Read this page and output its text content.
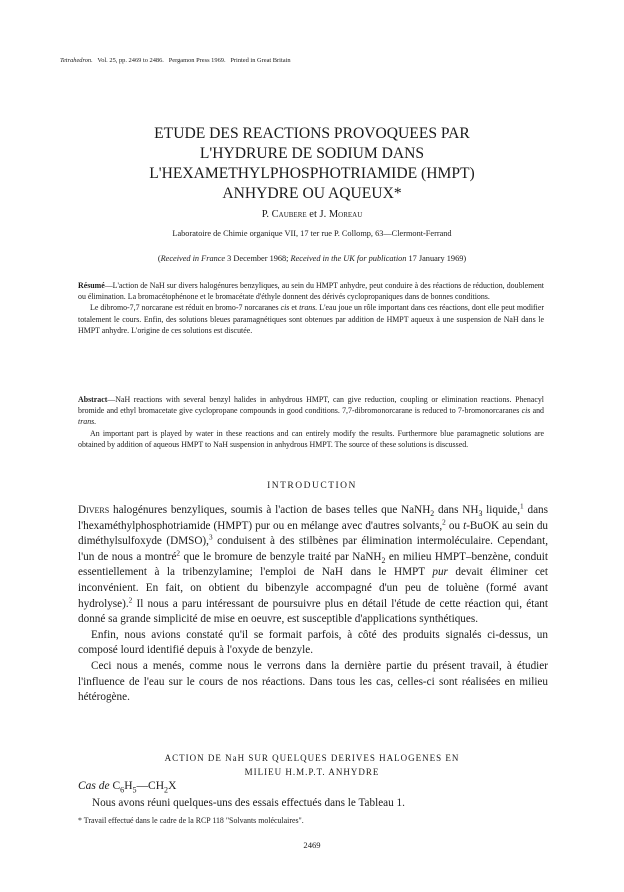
Tetrahedron. Vol. 25, pp. 2469 to 2486. Pergamon Press 1969. Printed in Great Britain
ETUDE DES REACTIONS PROVOQUEES PAR
L'HYDRURE DE SODIUM DANS
L'HEXAMETHYLPHOSPHOTRIAMIDE (HMPT)
ANHYDRE OU AQUEUX*
P. Caubere et J. Moreau
Laboratoire de Chimie organique VII, 17 ter rue P. Collomp, 63—Clermont-Ferrand
(Received in France 3 December 1968; Received in the UK for publication 17 January 1969)

Résumé—L'action de NaH sur divers halogénures benzyliques, au sein du HMPT anhydre, peut conduire à des réactions de réduction, doublement ou élimination. La bromacétophénone et le bromacétate d'éthyle donnent des dérivés cyclopropaniques dans de bonnes conditions.

Le dibromo-7,7 norcarane est réduit en bromo-7 norcaranes cis et trans. L'eau joue un rôle important dans ces réactions, dont elle peut modifier totalement le cours. Enfin, des solutions bleues paramagnétiques sont obtenues par addition de HMPT aqueux à une suspension de NaH dans le HMPT anhydre. L'origine de ces solutions est discutée.

Abstract—NaH reactions with several benzyl halides in anhydrous HMPT, can give reduction, coupling or elimination reactions. Phenacyl bromide and ethyl bromacetate give cyclopropane compounds in good conditions. 7,7-dibromonorcarane is reduced to 7-bromonorcaranes cis and trans.

An important part is played by water in these reactions and can entirely modify the results. Furthermore blue paramagnetic solutions are obtained by addition of aqueous HMPT to NaH suspension in anhydrous HMPT. The source of these solutions is discussed.

INTRODUCTION

Divers halogénures benzyliques, soumis à l'action de bases telles que NaNH$_2$ dans $NH_3$ liquide,$^1$ dans l'hexaméthylphosphotriamide (HMPT) pur ou en mélange avec d'autres solvants,$^2$ ou t-BuOK au sein du diméthylsulfoxyde (DMSO),$^3$ conduisent à des stilbènes par élimination intermoléculaire. Cependant, l'un de nous a montré$^2$ que le bromure de benzyle traité par NaNH$_2$ en milieu HMPT–benzène, conduit essentiellement à la tribenzylamine; l'emploi de NaH dans le HMPT pur devait éliminer cet inconvénient. En fait, on obtient du bibenzyle accompagné d'un peu de toluène (formé avant hydrolyse).$^2$ Il nous a paru intéressant de poursuivre plus en détail l'étude de cette réaction qui, étant donné sa grande simplicité de mise en oeuvre, est susceptible d'applications synthétiques.

Enfin, nous avions constaté qu'il se formait parfois, à côté des produits signalés ci-dessus, un composé lourd identifié depuis à l'oxyde de benzyle.

Ceci nous a menés, comme nous le verrons dans la dernière partie du présent travail, à étudier l'influence de l'eau sur le cours de nos réactions. Dans tous les cas, celles-ci sont réalisées en milieu hétérogène.

ACTION DE NaH SUR QUELQUES DERIVES HALOGENES EN
MILIEU H.M.P.T. ANHYDRE
Cas de $C_6H_5—CH_2X$
Nous avons réuni quelques-uns des essais effectués dans le Tableau 1.
* Travail effectué dans le cadre de la RCP 118 "Solvants moléculaires".
2469
